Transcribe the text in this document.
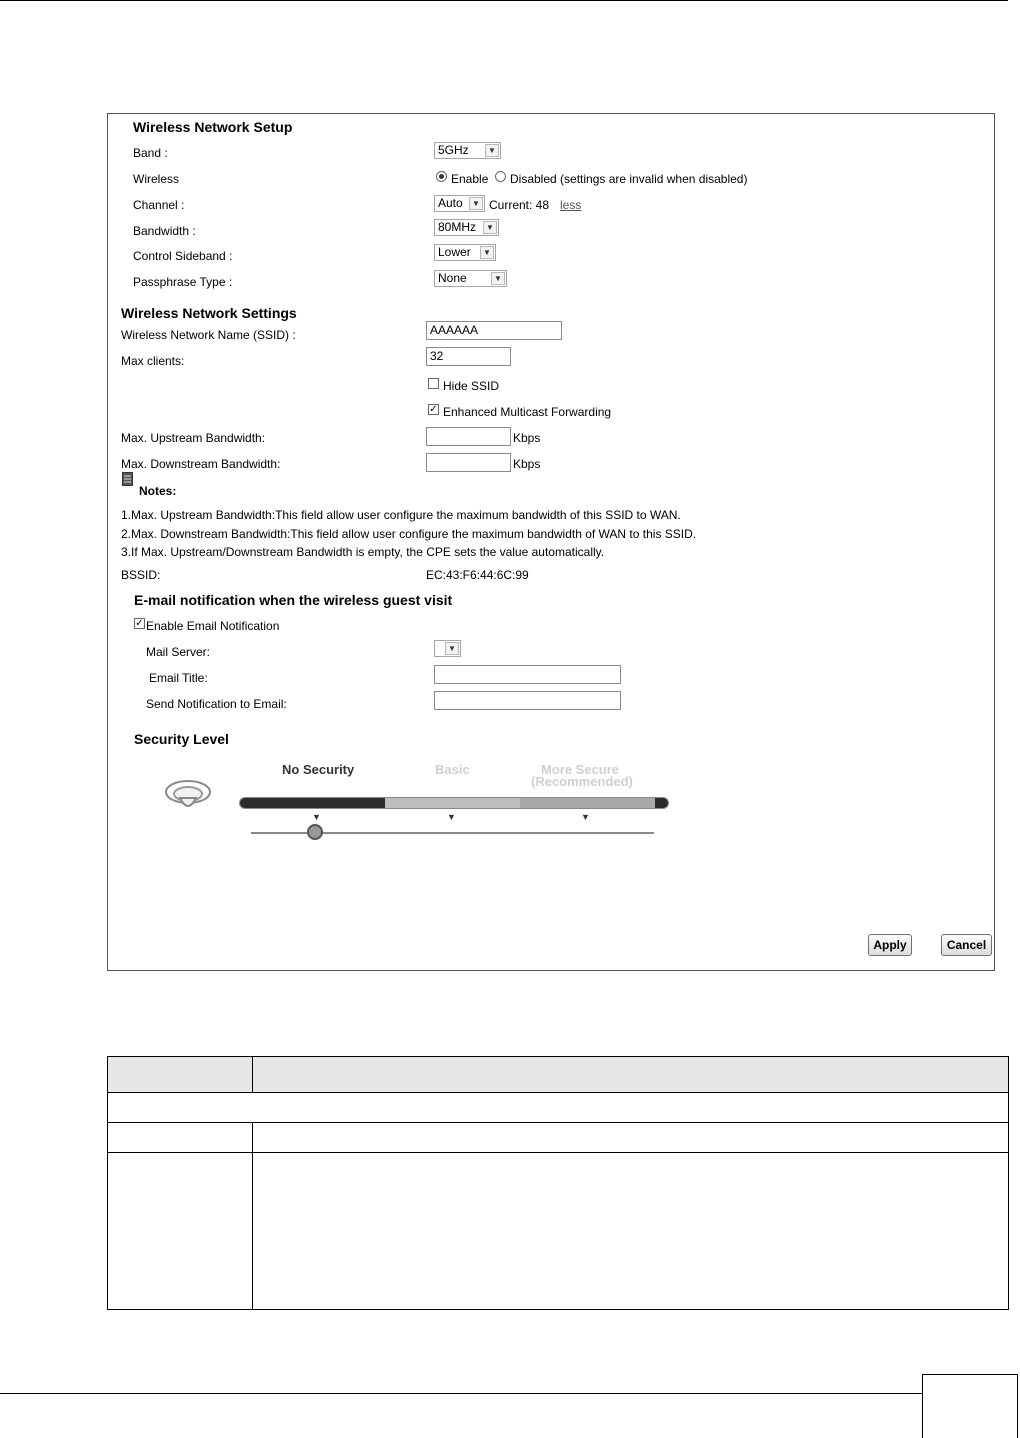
Wireless Network Setup
Band :	5GHz	▼
Wireless	Enable Disabled (settings are invalid when disabled)
Channel :	Auto	▼ Current: 48 less
Bandwidth :	80MHz	▼
Control Sideband :	Lower	▼
Passphrase Type :	None	▼
Wireless Network Settings
Wireless Network Name (SSID) :	AAAAAA
Max clients:	32
Hide SSID
✓ Enhanced Multicast Forwarding
Max. Upstream Bandwidth:	Kbps
Max. Downstream Bandwidth:	Kbps
Notes:
1.Max. Upstream Bandwidth:This field allow user configure the maximum bandwidth of this SSID to WAN.
2.Max. Downstream Bandwidth:This field allow user configure the maximum bandwidth of WAN to this SSID.
3.If Max. Upstream/Downstream Bandwidth is empty, the CPE sets the value automatically.
BSSID:	EC:43:F6:44:6C:99
E-mail notification when the wireless guest visit
✓ Enable Email Notification
Mail Server:	▼
Email Title:
Send Notification to Email:
Security Level
No Security	Basic	More Secure
(Recommended)
▼	▼	▼
Apply	Cancel
